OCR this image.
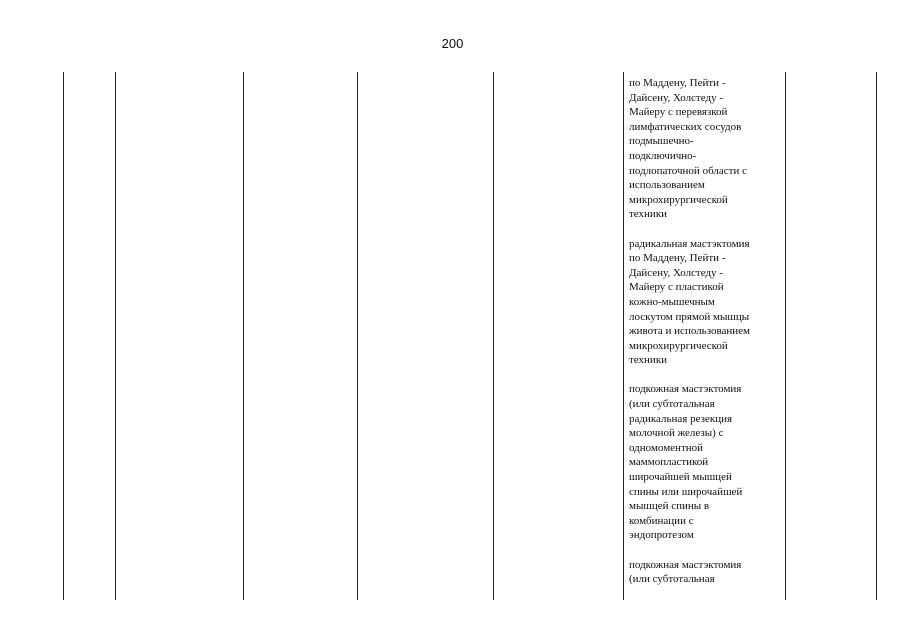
200

по Маддену, Пейти -
Дайсену, Холстеду -
Майеру с перевязкой
лимфатических сосудов
подмышечно-
подключично-
подлопаточной области с
использованием
микрохирургической
техники

радикальная мастэктомия
по Маддену, Пейти -
Дайсену, Холстеду -
Майеру с пластикой
кожно-мышечным
лоскутом прямой мышцы
живота и использованием
микрохирургической
техники

подкожная мастэктомия
(или субтотальная
радикальная резекция
молочной железы) с
одномоментной
маммопластикой
широчайшей мышцей
спины или широчайшей
мышцей спины в
комбинации с
эндопротезом

подкожная мастэктомия
(или субтотальная
